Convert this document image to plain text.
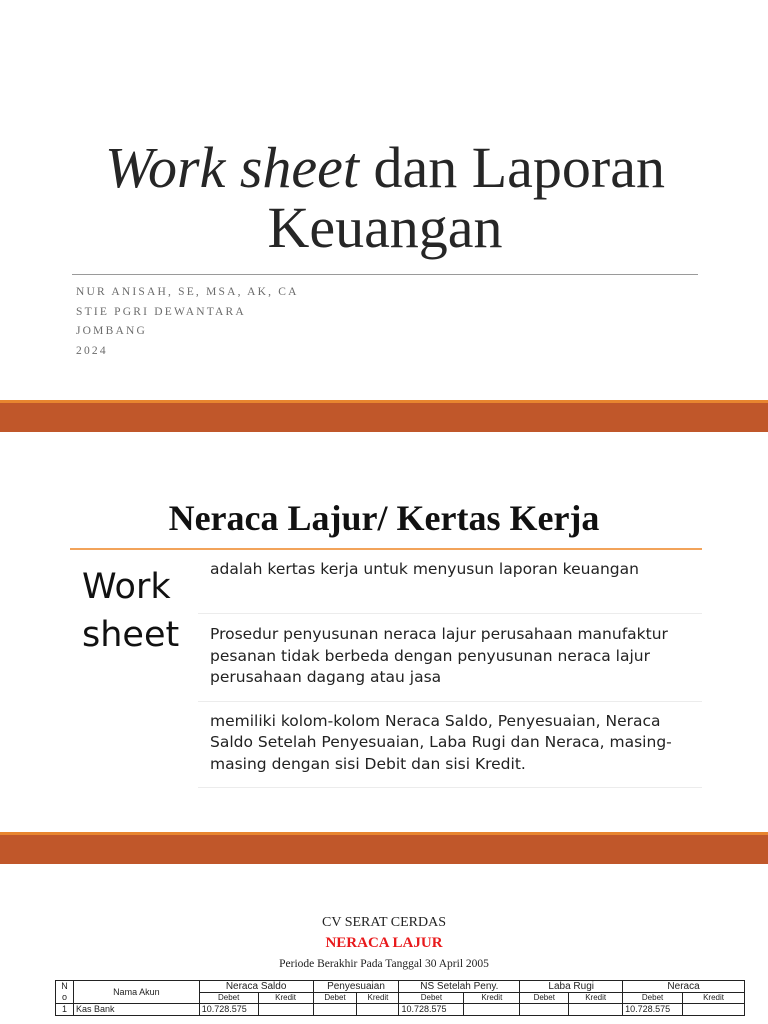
Work sheet dan Laporan Keuangan
NUR ANISAH, SE, MSA, AK, CA
STIE PGRI DEWANTARA
JOMBANG
2024
Neraca Lajur/ Kertas Kerja
Work sheet
adalah kertas kerja untuk menyusun laporan keuangan
Prosedur penyusunan neraca lajur perusahaan manufaktur pesanan tidak berbeda dengan penyusunan neraca lajur perusahaan dagang atau jasa
memiliki kolom-kolom Neraca Saldo, Penyesuaian, Neraca Saldo Setelah Penyesuaian, Laba Rugi dan Neraca, masing-masing dengan sisi Debit dan sisi Kredit.
CV SERAT CERDAS
NERACA LAJUR
Periode Berakhir Pada Tanggal 30 April 2005
N o	Nama Akun	Neraca Saldo		Penyesuaian		NS Setelah Peny.		Laba Rugi		Neraca	
		Debet	Kredit	Debet	Kredit	Debet	Kredit	Debet	Kredit	Debet	Kredit
1	Kas Bank	10.728.575				10.728.575				10.728.575	
